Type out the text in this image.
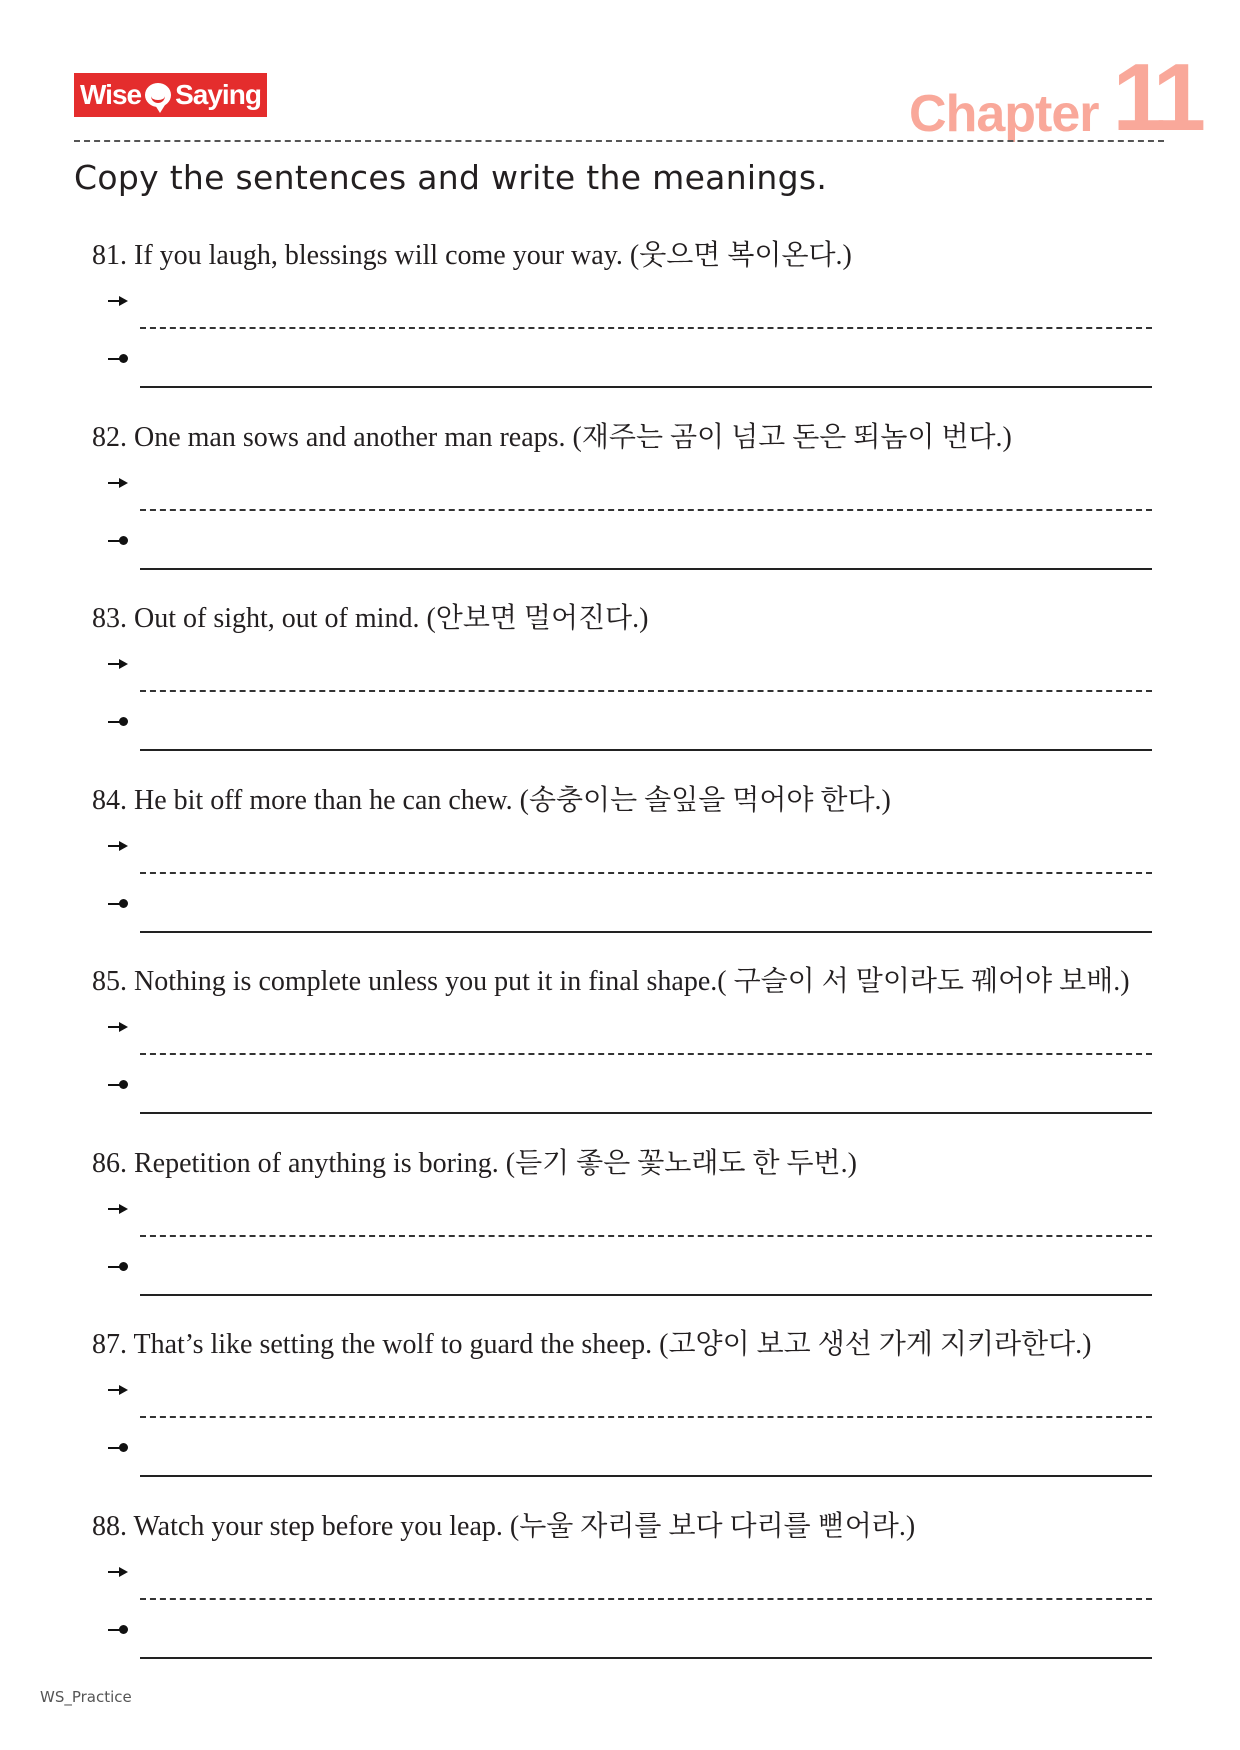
Wise Saying	Chapter 11
Copy the sentences and write the meanings.
81. If you laugh, blessings will come your way. (웃으면 복이온다.)
82. One man sows and another man reaps. (재주는 곰이 넘고 돈은 뙤놈이 번다.)
83. Out of sight, out of mind. (안보면 멀어진다.)
84. He bit off more than he can chew. (송충이는 솔잎을 먹어야 한다.)
85. Nothing is complete unless you put it in final shape.( 구슬이 서 말이라도 꿰어야 보배.)
86. Repetition of anything is boring. (듣기 좋은 꽃노래도 한 두번.)
87. That’s like setting the wolf to guard the sheep. (고양이 보고 생선 가게 지키라한다.)
88. Watch your step before you leap. (누울 자리를 보다 다리를 뻗어라.)
WS_Practice
